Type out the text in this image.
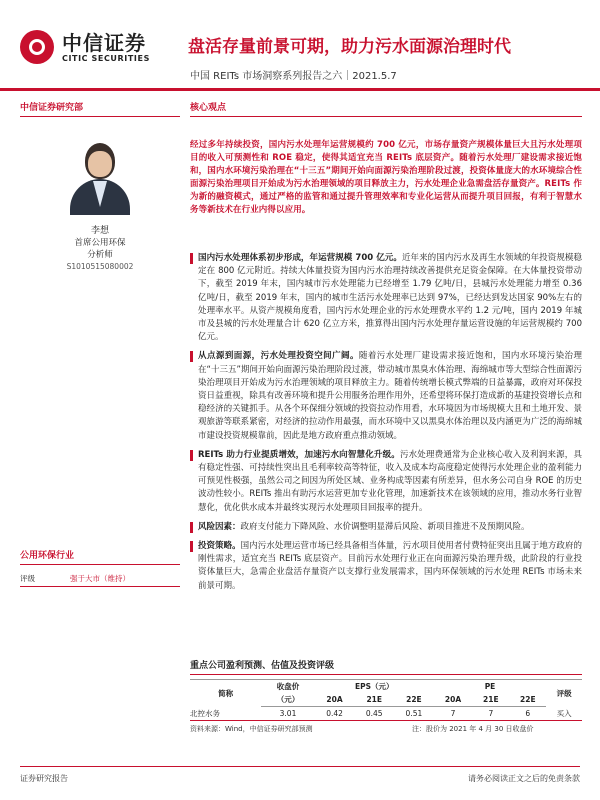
中信证券
CITIC SECURITIES
盘活存量前景可期，助力污水面源治理时代
中国 REITs 市场洞察系列报告之六｜2021.5.7
中信证券研究部
李想
首席公用环保
分析师
S1010515080002
公用环保行业
评级	强于大市（维持）
核心观点
经过多年持续投资，国内污水处理年运营规模约 700 亿元，市场存量资产规模体量巨大且污水处理项目的收入可预测性和 ROE 稳定，使得其适宜充当 REITs 底层资产。随着污水处理厂建设需求接近饱和，国内水环境污染治理在“十三五”期间开始向面源污染治理阶段过渡，投资体量庞大的水环境综合性面源污染治理项目开始成为污水治理领域的项目释放主力，污水处理企业急需盘活存量资产。REITs 作为新的融资模式，通过严格的监管和通过提升管理效率和专业化运营从而提升项目回报，有利于智慧水务等新技术在行业内得以应用。
国内污水处理体系初步形成，年运营规模 700 亿元。近年来的国内污水及再生水领域的年投资规模稳定在 800 亿元附近。持续大体量投资为国内污水治理持续改善提供充足资金保障。在大体量投资带动下，截至 2019 年末，国内城市污水处理能力已经增至 1.79 亿吨/日，县城污水处理能力增至 0.36 亿吨/日，截至 2019 年末，国内的城市生活污水处理率已达到 97%，已经达到发达国家 90%左右的处理率水平。从资产规模角度看，国内污水处理企业的污水处理费水平约 1.2 元/吨，国内 2019 年城市及县城的污水处理量合计 620 亿立方米，推算得出国内污水处理存量运营设施的年运营规模约 700 亿元。
从点源到面源，污水处理投资空间广阔。随着污水处理厂建设需求接近饱和，国内水环境污染治理在“十三五”期间开始向面源污染治理阶段过渡，带动城市黑臭水体治理、海绵城市等大型综合性面源污染治理项目开始成为污水治理领域的项目释放主力。随着传统增长模式弊端的日益暴露，政府对环保投资日益重视，除具有改善环境和提升公用服务治理作用外，还希望将环保打造成新的基建投资增长点和稳经济的关键抓手。从各个环保细分领域的投资拉动作用看，水环境因为市场规模大且和土地开发、景观旅游等联系紧密，对经济的拉动作用最强，而水环境中又以黑臭水体治理以及内涵更为广泛的海绵城市建设投资规模靠前，因此是地方政府重点推动领域。
REITs 助力行业提质增效，加速污水向智慧化升级。污水处理费通常为企业核心收入及利润来源，具有稳定性强、可持续性突出且毛利率较高等特征，收入及成本均高度稳定使得污水处理企业的盈利能力可预见性极强，虽然公司之间因为所处区域、业务构成等因素有所差异，但水务公司自身 ROE 的历史波动性较小。REITs 推出有助污水运营更加专业化管理，加速新技术在该领域的应用，推动水务行业智慧化，优化供水成本并最终实现污水处理项目回报率的提升。
风险因素：政府支付能力下降风险、水价调整明显滞后风险、新项目推进不及预期风险。
投资策略。国内污水处理运营市场已经具备相当体量，污水项目使用者付费特征突出且属于地方政府的刚性需求，适宜充当 REITs 底层资产。目前污水处理行业正在向面源污染治理升级，此阶段的行业投资体量巨大，急需企业盘活存量资产以支撑行业发展需求，国内环保领域的污水处理 REITs 市场未来前景可期。
重点公司盈利预测、估值及投资评级
简称	收盘价	EPS（元）			PE			评级
	（元）	20A	21E	22E	20A	21E	22E	
北控水务	3.01	0.42	0.45	0.51	7	7	6	买入
资料来源：Wind，中信证券研究部预测	注：股价为 2021 年 4 月 30 日收盘价
证券研究报告	请务必阅读正文之后的免责条款
